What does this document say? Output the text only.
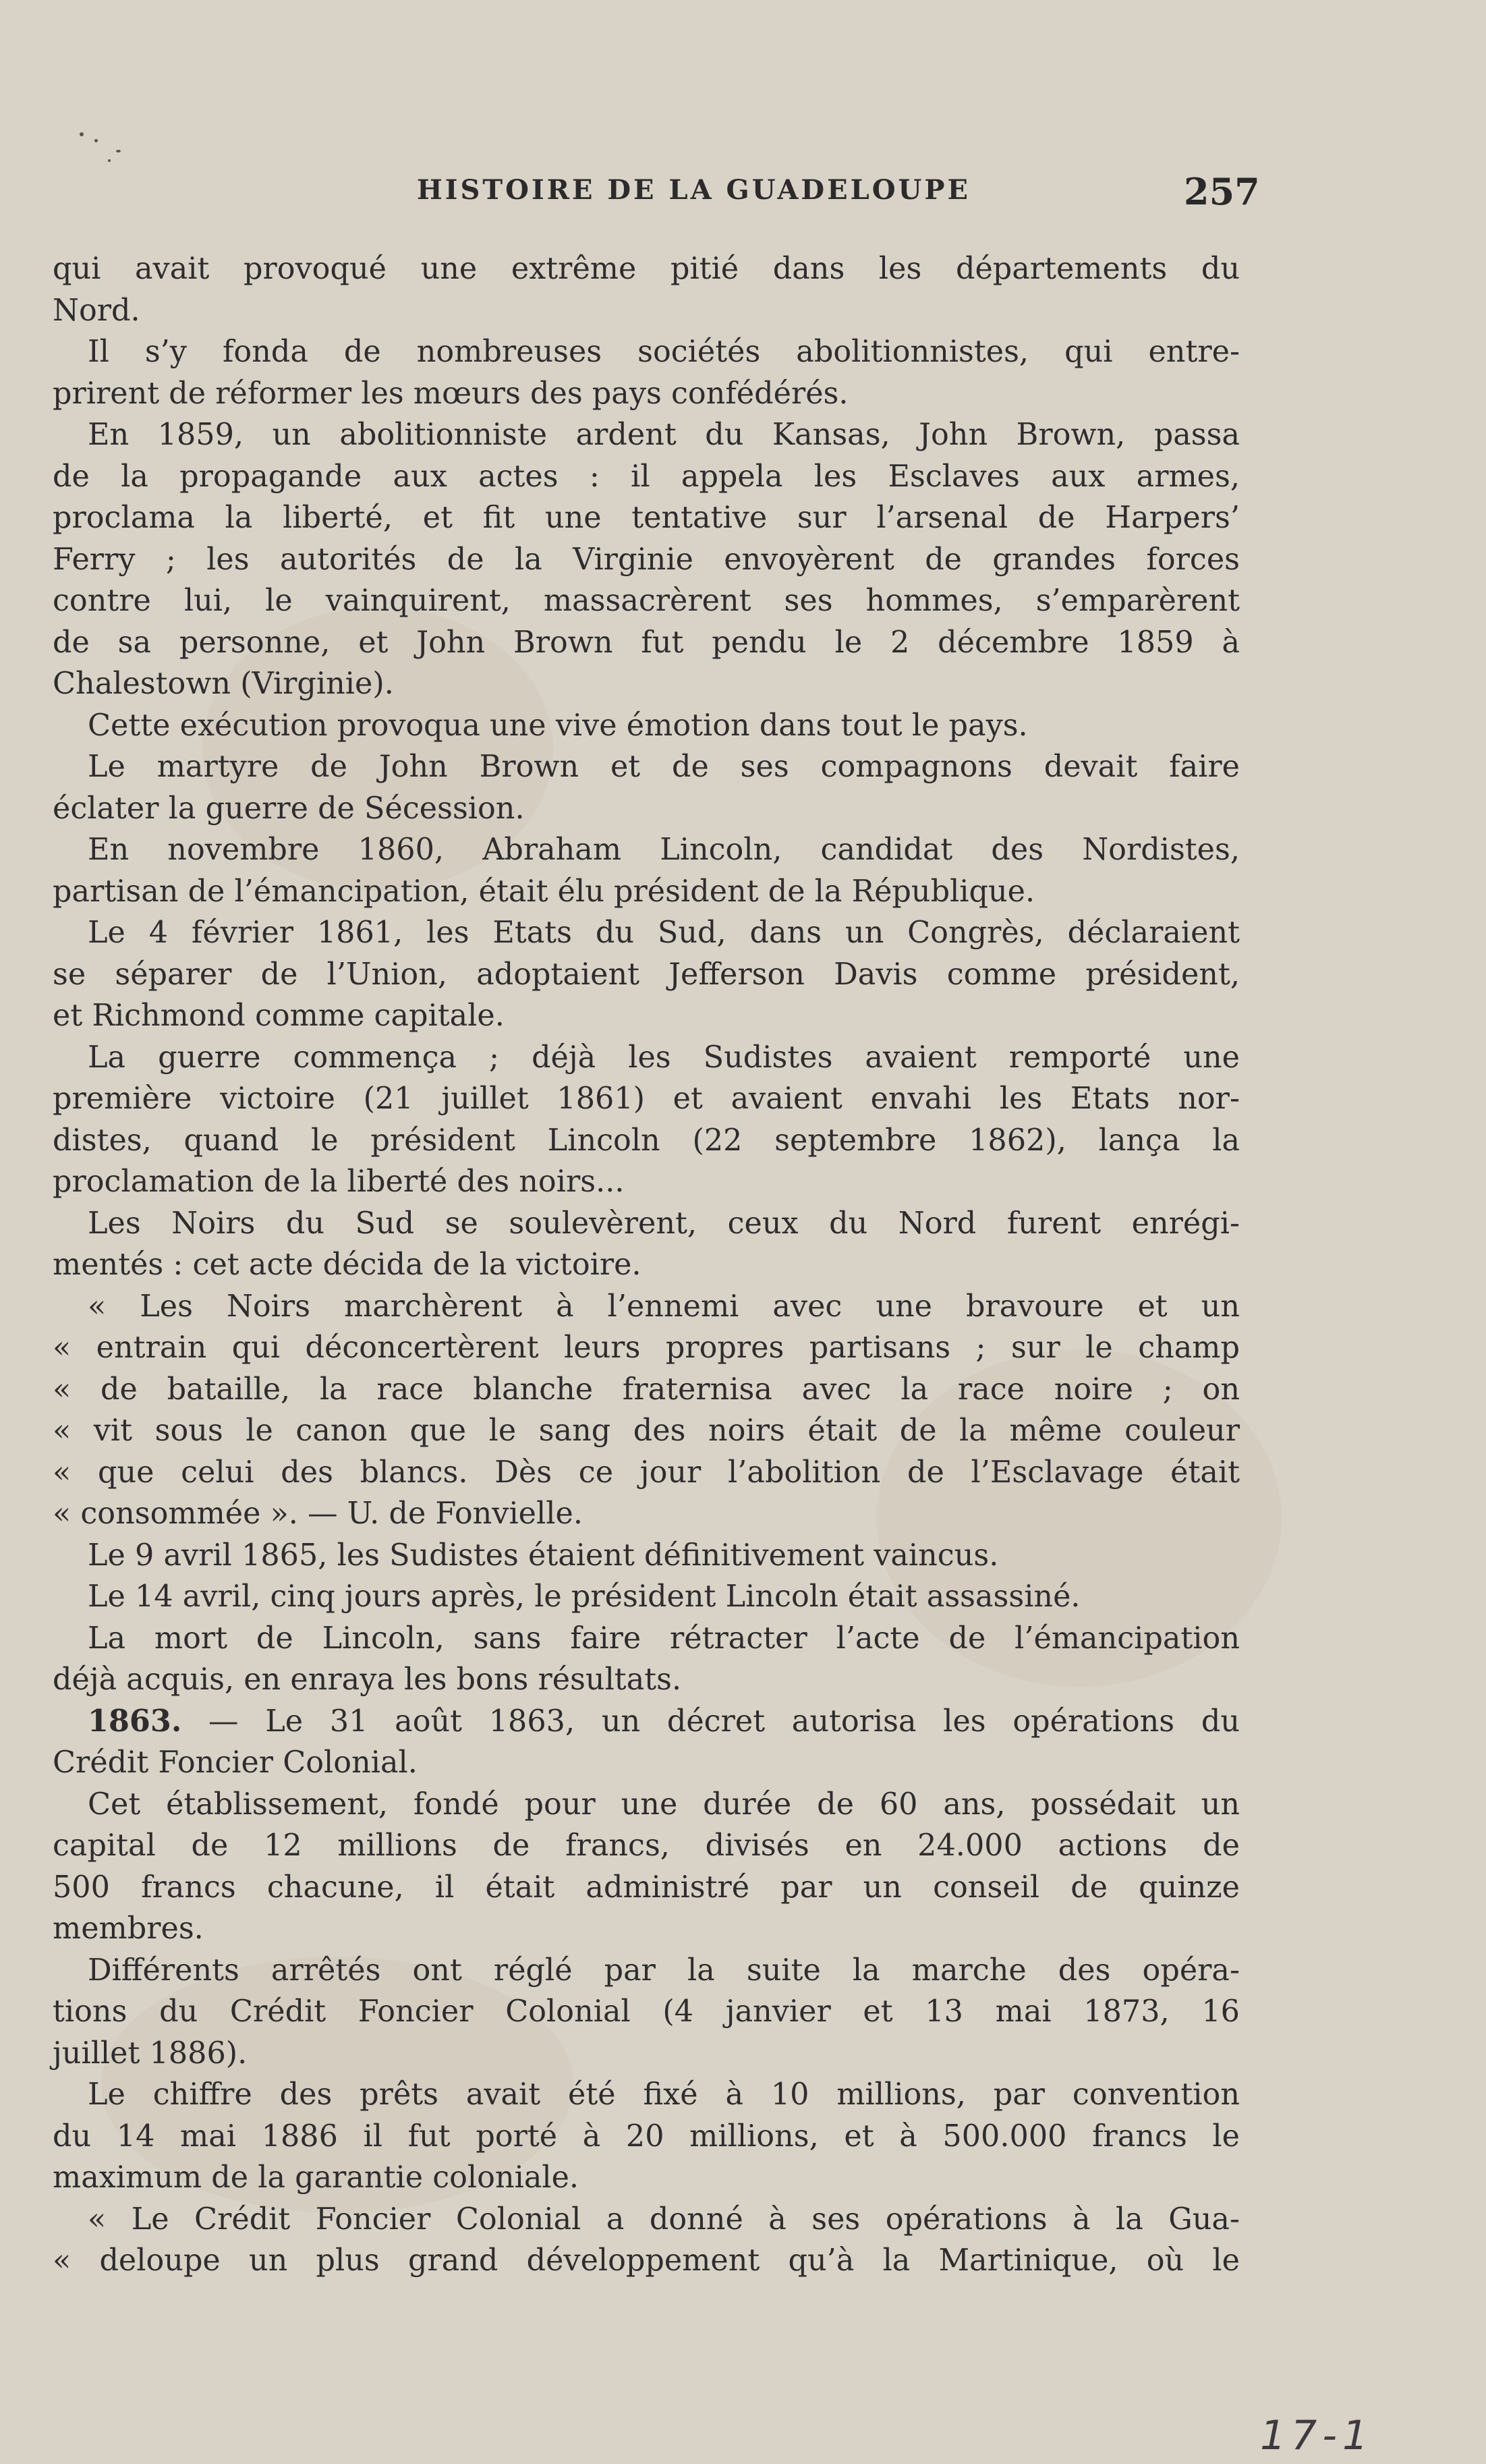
HISTOIRE DE LA GUADELOUPE	257
qui avait provoqué une extrême pitié dans les départements du
Nord.
Il s’y fonda de nombreuses sociétés abolitionnistes, qui entre-
prirent de réformer les mœurs des pays confédérés.
En 1859, un abolitionniste ardent du Kansas, John Brown, passa
de la propagande aux actes : il appela les Esclaves aux armes,
proclama la liberté, et fit une tentative sur l’arsenal de Harpers’
Ferry ; les autorités de la Virginie envoyèrent de grandes forces
contre lui, le vainquirent, massacrèrent ses hommes, s’emparèrent
de sa personne, et John Brown fut pendu le 2 décembre 1859 à
Chalestown (Virginie).
Cette exécution provoqua une vive émotion dans tout le pays.
Le martyre de John Brown et de ses compagnons devait faire
éclater la guerre de Sécession.
En novembre 1860, Abraham Lincoln, candidat des Nordistes,
partisan de l’émancipation, était élu président de la République.
Le 4 février 1861, les Etats du Sud, dans un Congrès, déclaraient
se séparer de l’Union, adoptaient Jefferson Davis comme président,
et Richmond comme capitale.
La guerre commença ; déjà les Sudistes avaient remporté une
première victoire (21 juillet 1861) et avaient envahi les Etats nor-
distes, quand le président Lincoln (22 septembre 1862), lança la
proclamation de la liberté des noirs...
Les Noirs du Sud se soulevèrent, ceux du Nord furent enrégi-
mentés : cet acte décida de la victoire.
« Les Noirs marchèrent à l’ennemi avec une bravoure et un
« entrain qui déconcertèrent leurs propres partisans ; sur le champ
« de bataille, la race blanche fraternisa avec la race noire ; on
« vit sous le canon que le sang des noirs était de la même couleur
« que celui des blancs. Dès ce jour l’abolition de l’Esclavage était
« consommée ». — U. de Fonvielle.
Le 9 avril 1865, les Sudistes étaient définitivement vaincus.
Le 14 avril, cinq jours après, le président Lincoln était assassiné.
La mort de Lincoln, sans faire rétracter l’acte de l’émancipation
déjà acquis, en enraya les bons résultats.
1863. — Le 31 août 1863, un décret autorisa les opérations du
Crédit Foncier Colonial.
Cet établissement, fondé pour une durée de 60 ans, possédait un
capital de 12 millions de francs, divisés en 24.000 actions de
500 francs chacune, il était administré par un conseil de quinze
membres.
Différents arrêtés ont réglé par la suite la marche des opéra-
tions du Crédit Foncier Colonial (4 janvier et 13 mai 1873, 16
juillet 1886).
Le chiffre des prêts avait été fixé à 10 millions, par convention
du 14 mai 1886 il fut porté à 20 millions, et à 500.000 francs le
maximum de la garantie coloniale.
« Le Crédit Foncier Colonial a donné à ses opérations à la Gua-
« deloupe un plus grand développement qu’à la Martinique, où le
17-1
